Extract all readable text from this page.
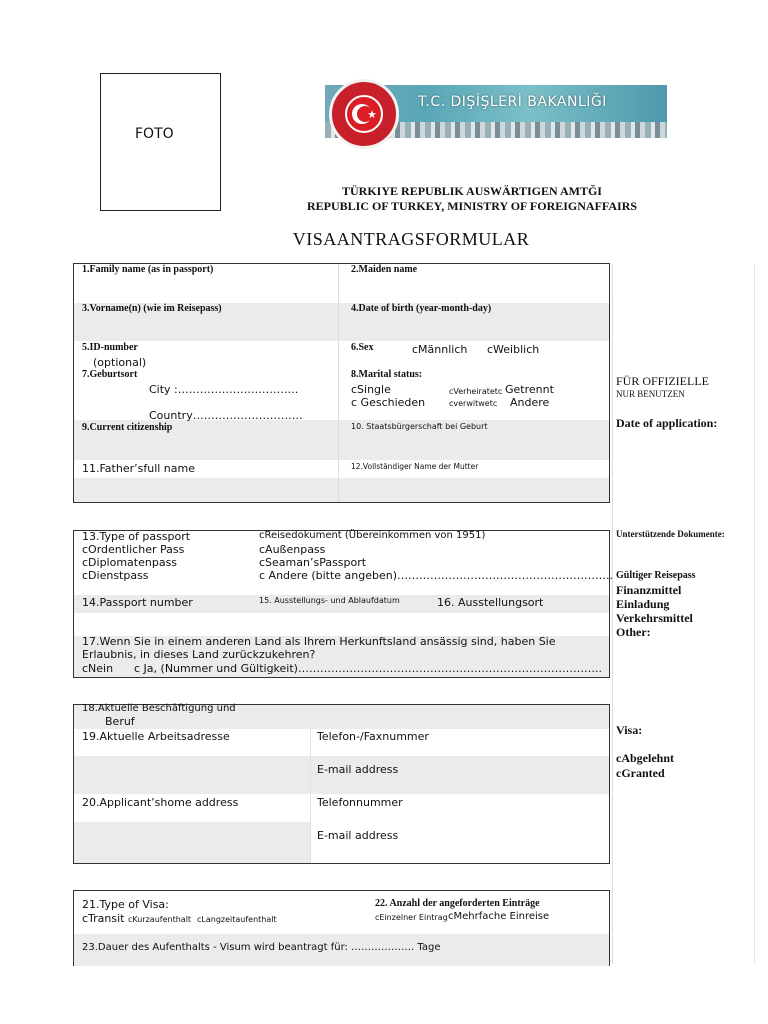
FOTO
T.C. DIŞİŞLERİ BAKANLIĞI
TÜRKIYE REPUBLIK AUSWÄRTIGEN AMTĞI
REPUBLIC OF TURKEY, MINISTRY OF FOREIGNAFFAIRS
VISAANTRAGSFORMULAR
1.Family name (as in passport)	2.Maiden name
3.Vorname(n) (wie im Reisepass)	4.Date of birth (year-month-day)
5.ID-number
(optional)
6.Sex	cMännlich cWeiblich
7.Geburtsort
City :……………….…………..
Country…………………………
8.Marital status:
cSingle	cVerheiratetc Getrennt
c Geschieden	cverwitwetc Andere
9.Current citizenship	10. Staatsbürgerschaft bei Geburt
11.Father’sfull name	12.Vollständiger Name der Mutter
13.Type of passport	cReisedokument (Übereinkommen von 1951)
cOrdentlicher Pass	cAußenpass
cDiplomatenpass	cSeaman’sPassport
cDienstpass	c Andere (bitte angeben)…………………………………………………..
14.Passport number	15. Ausstellungs- und Ablaufdatum	16. Ausstellungsort
17.Wenn Sie in einem anderen Land als Ihrem Herkunftsland ansässig sind, haben Sie
Erlaubnis, in dieses Land zurückzukehren?
cNein c Ja, (Nummer und Gültigkeit)………………………………………………………………………..
18.Aktuelle Beschäftigung und
Beruf
19.Aktuelle Arbeitsadresse	Telefon-/Faxnummer
E-mail address
20.Applicant’shome address	Telefonnummer
E-mail address
21.Type of Visa:
cTransit cKurzaufenthalt cLangzeitaufenthalt
22. Anzahl der angeforderten Einträge
cEinzelner Eintrag cMehrfache Einreise
23.Dauer des Aufenthalts - Visum wird beantragt für: ………………. Tage
FÜR OFFIZIELLE
NUR BENUTZEN
Date of application:
Unterstützende Dokumente:
Gültiger Reisepass
Finanzmittel
Einladung
Verkehrsmittel
Other:
Visa:
cAbgelehnt
cGranted
